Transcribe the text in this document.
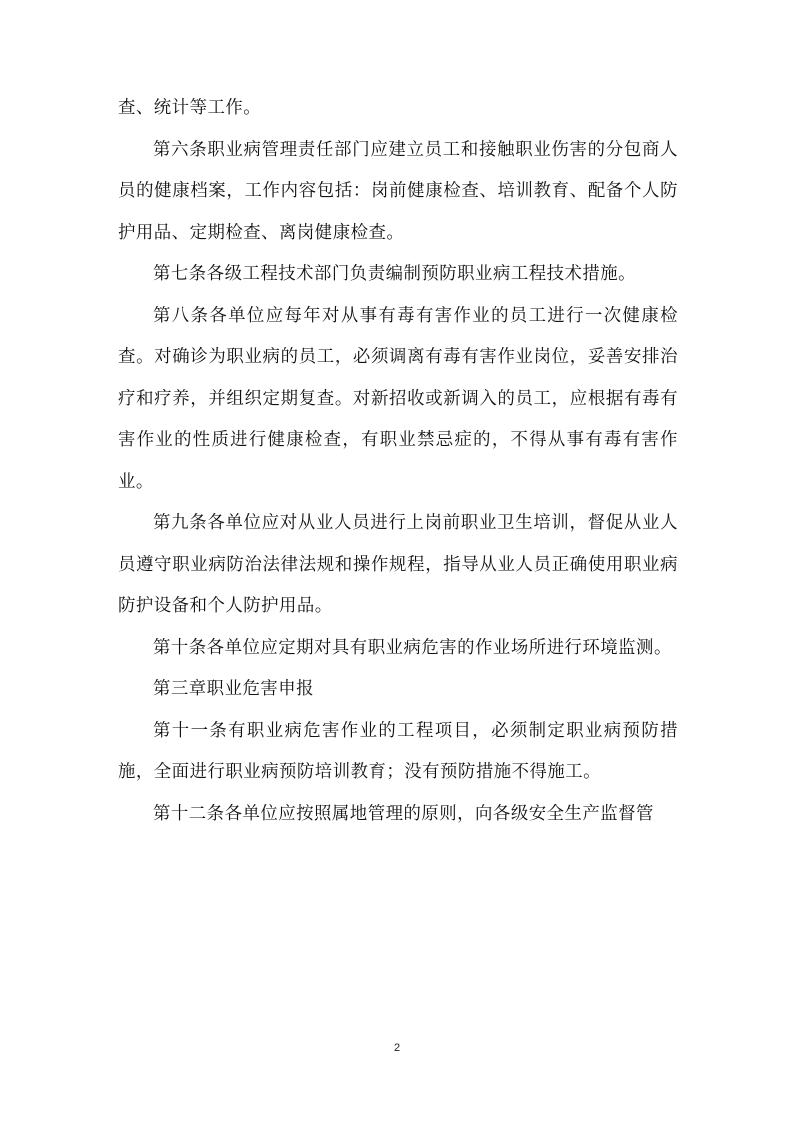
查、统计等工作。

第六条职业病管理责任部门应建立员工和接触职业伤害的分包商人员的健康档案，工作内容包括：岗前健康检查、培训教育、配备个人防护用品、定期检查、离岗健康检查。

第七条各级工程技术部门负责编制预防职业病工程技术措施。

第八条各单位应每年对从事有毒有害作业的员工进行一次健康检查。对确诊为职业病的员工，必须调离有毒有害作业岗位，妥善安排治疗和疗养，并组织定期复查。对新招收或新调入的员工，应根据有毒有害作业的性质进行健康检查，有职业禁忌症的，不得从事有毒有害作业。

第九条各单位应对从业人员进行上岗前职业卫生培训，督促从业人员遵守职业病防治法律法规和操作规程，指导从业人员正确使用职业病防护设备和个人防护用品。

第十条各单位应定期对具有职业病危害的作业场所进行环境监测。

第三章职业危害申报

第十一条有职业病危害作业的工程项目，必须制定职业病预防措施，全面进行职业病预防培训教育；没有预防措施不得施工。

第十二条各单位应按照属地管理的原则，向各级安全生产监督管

2
